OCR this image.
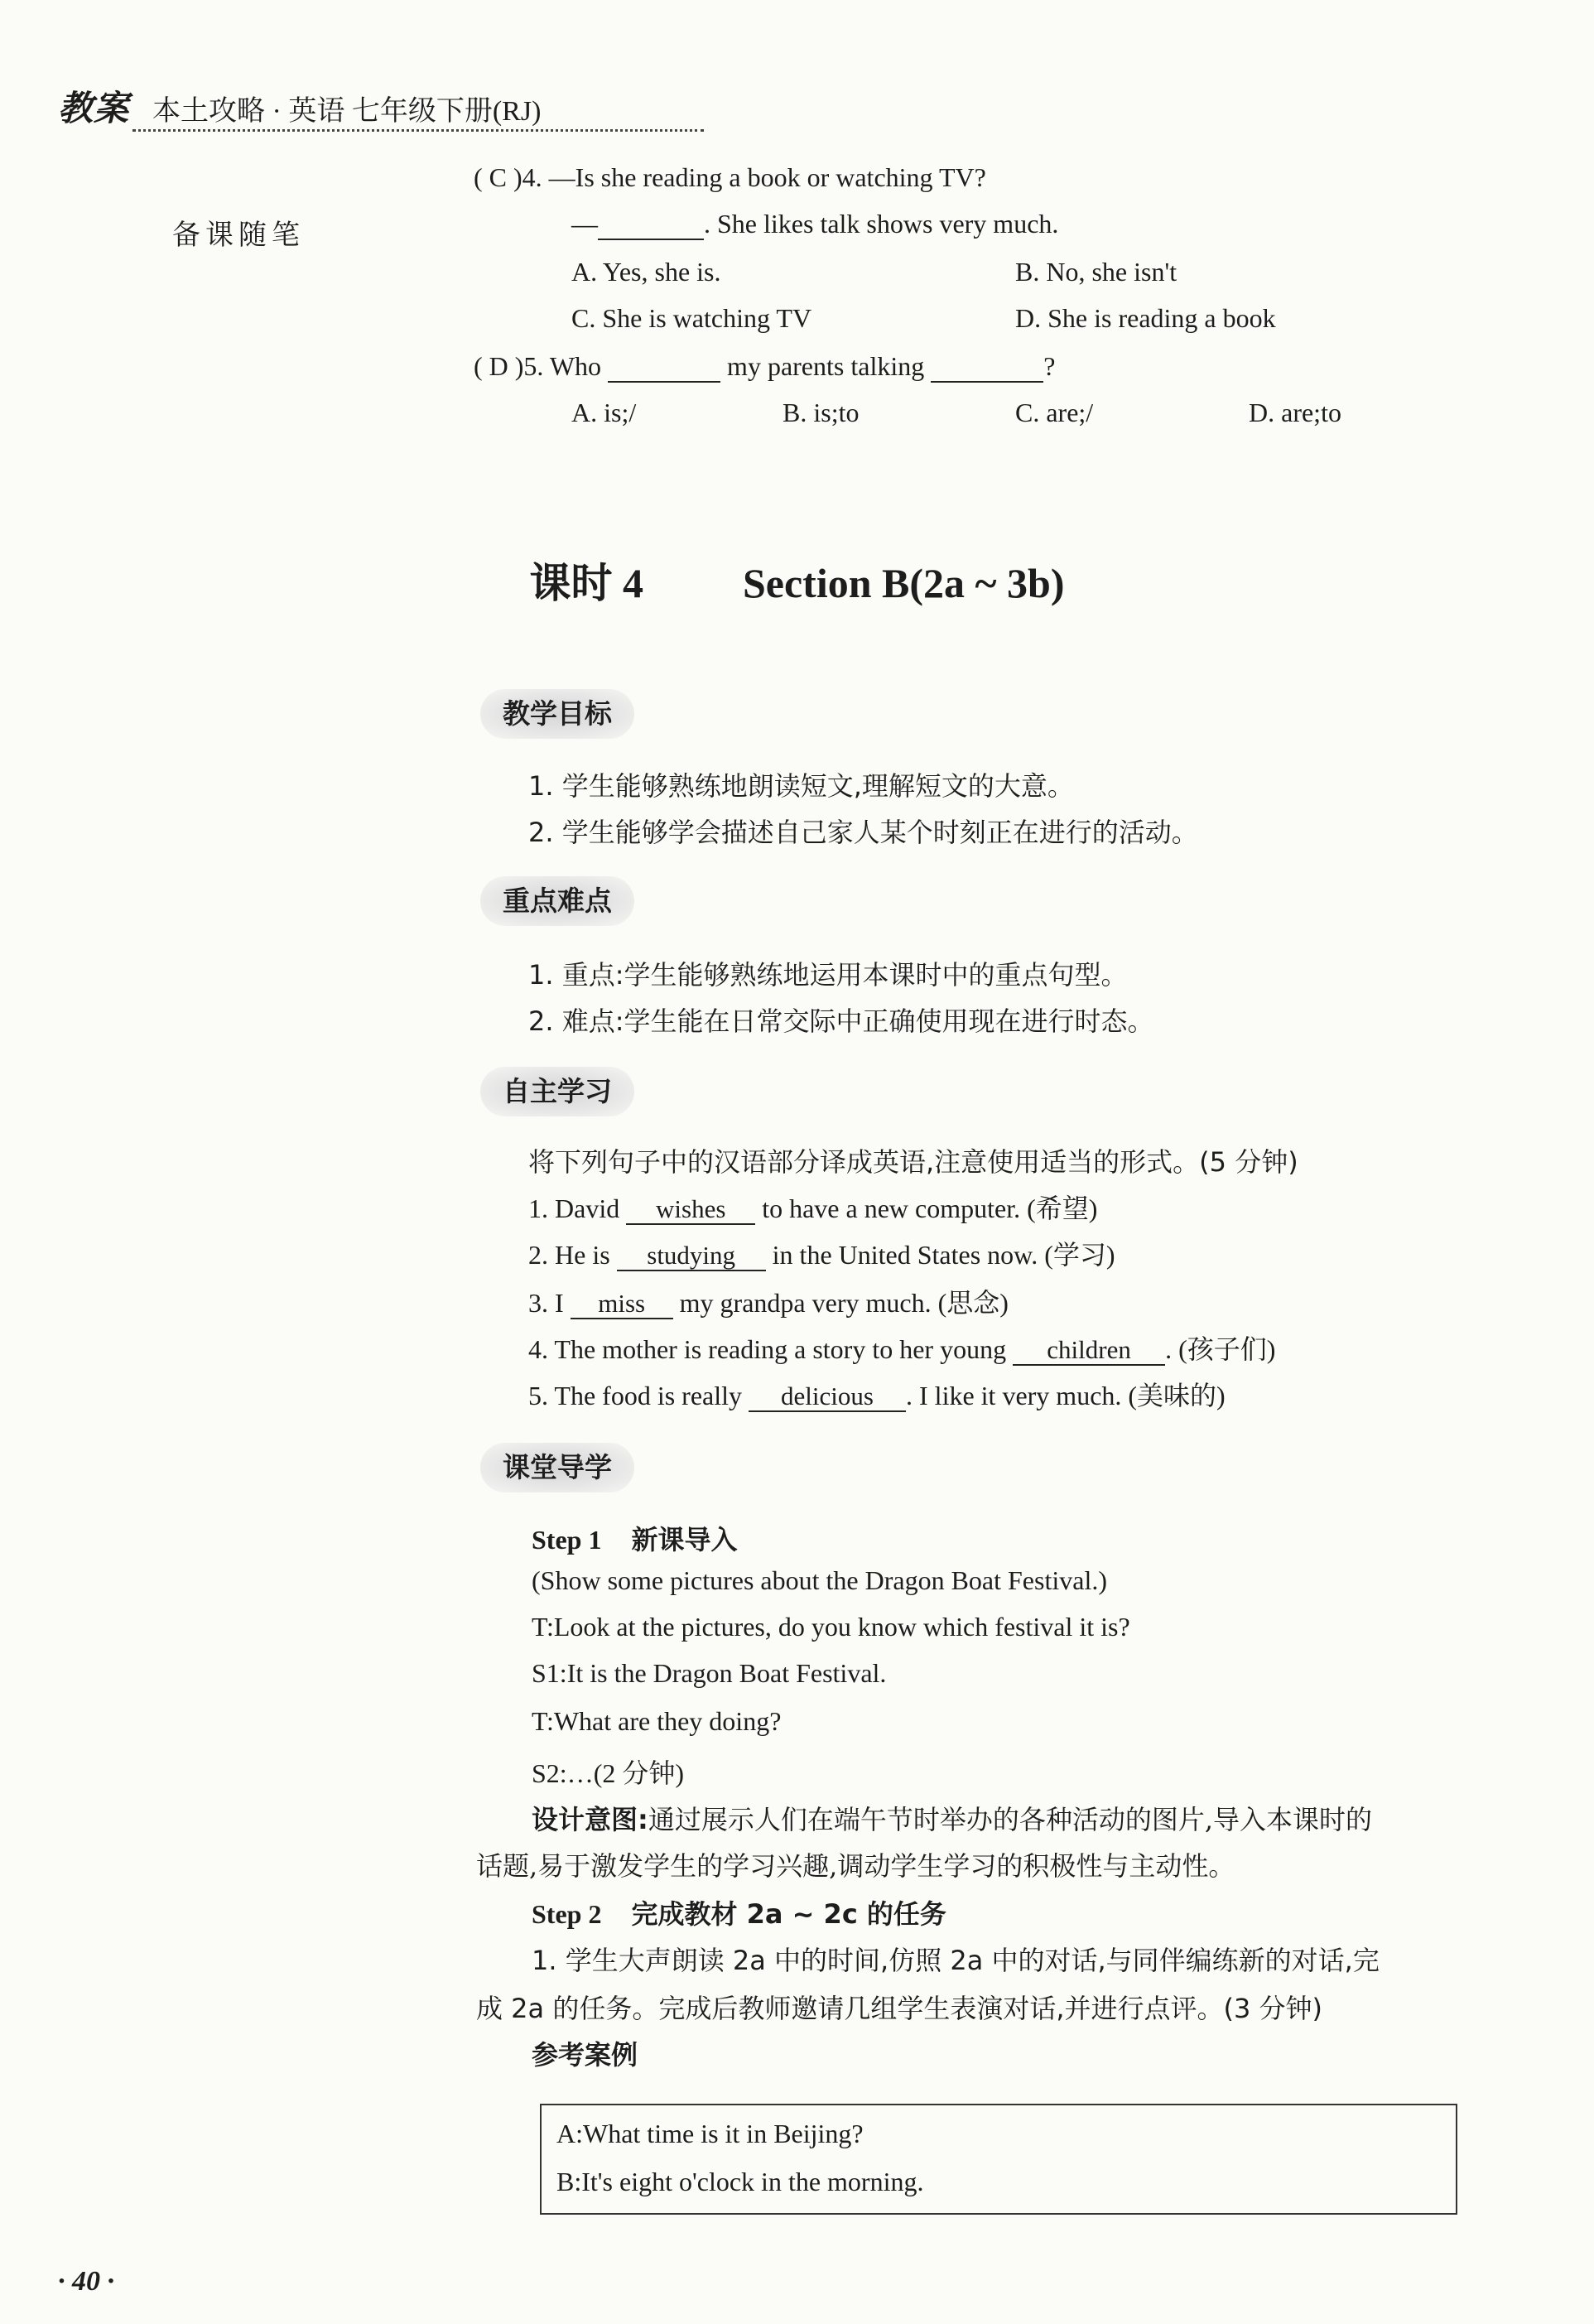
教案 本土攻略 · 英语 七年级下册(RJ)
备课随笔
( C )4. —Is she reading a book or watching TV?
—	. She likes talk shows very much.
A. Yes, she is.	B. No, she isn't
C. She is watching TV	D. She is reading a book
( D )5. Who	my parents talking	?
A. is;/	B. is;to	C. are;/	D. are;to
课时 4 Section B(2a ~ 3b)
教学目标
1. 学生能够熟练地朗读短文,理解短文的大意。
2. 学生能够学会描述自己家人某个时刻正在进行的活动。
重点难点
1. 重点:学生能够熟练地运用本课时中的重点句型。
2. 难点:学生能在日常交际中正确使用现在进行时态。
自主学习
将下列句子中的汉语部分译成英语,注意使用适当的形式。(5 分钟)
1. David wishes to have a new computer. (希望)
2. He is studying in the United States now. (学习)
3. I miss my grandpa very much. (思念)
4. The mother is reading a story to her young children . (孩子们)
5. The food is really delicious . I like it very much. (美味的)
课堂导学
Step 1 新课导入
(Show some pictures about the Dragon Boat Festival.)
T:Look at the pictures, do you know which festival it is?
S1:It is the Dragon Boat Festival.
T:What are they doing?
S2:…(2 分钟)
设计意图:通过展示人们在端午节时举办的各种活动的图片,导入本课时的
话题,易于激发学生的学习兴趣,调动学生学习的积极性与主动性。
Step 2 完成教材 2a ~ 2c 的任务
1. 学生大声朗读 2a 中的时间,仿照 2a 中的对话,与同伴编练新的对话,完
成 2a 的任务。完成后教师邀请几组学生表演对话,并进行点评。(3 分钟)
参考案例
A:What time is it in Beijing?
B:It's eight o'clock in the morning.
· 40 ·
